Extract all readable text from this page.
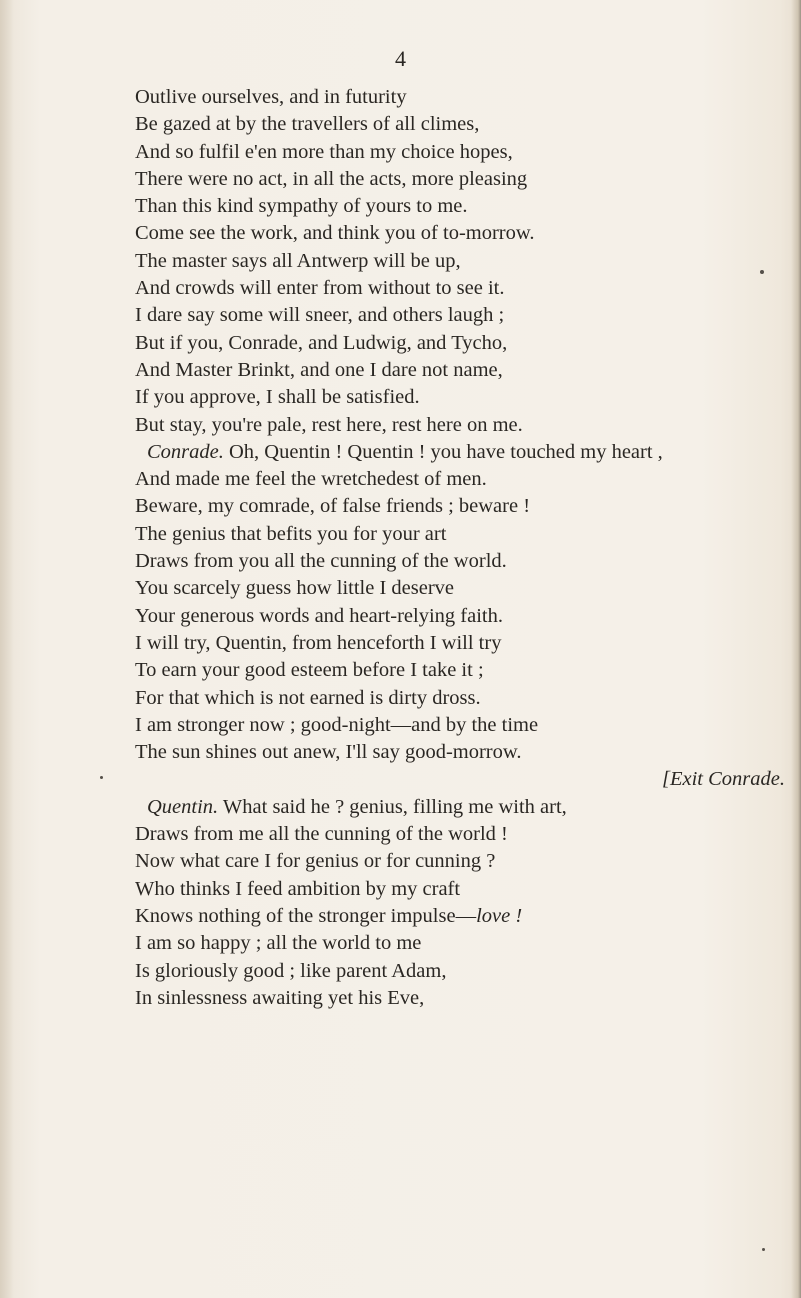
4
Outlive ourselves, and in futurity
Be gazed at by the travellers of all climes,
And so fulfil e'en more than my choice hopes,
There were no act, in all the acts, more pleasing
Than this kind sympathy of yours to me.
Come see the work, and think you of to-morrow.
The master says all Antwerp will be up,
And crowds will enter from without to see it.
I dare say some will sneer, and others laugh ;
But if you, Conrade, and Ludwig, and Tycho,
And Master Brinkt, and one I dare not name,
If you approve, I shall be satisfied.
But stay, you're pale, rest here, rest here on me.
Conrade. Oh, Quentin ! Quentin ! you have touched my heart ,
And made me feel the wretchedest of men.
Beware, my comrade, of false friends ; beware !
The genius that befits you for your art
Draws from you all the cunning of the world.
You scarcely guess how little I deserve
Your generous words and heart-relying faith.
I will try, Quentin, from henceforth I will try
To earn your good esteem before I take it ;
For that which is not earned is dirty dross.
I am stronger now ; good-night—and by the time
The sun shines out anew, I'll say good-morrow.
[Exit Conrade.
Quentin. What said he ? genius, filling me with art,
Draws from me all the cunning of the world !
Now what care I for genius or for cunning ?
Who thinks I feed ambition by my craft
Knows nothing of the stronger impulse—love !
I am so happy ; all the world to me
Is gloriously good ; like parent Adam,
In sinlessness awaiting yet his Eve,
